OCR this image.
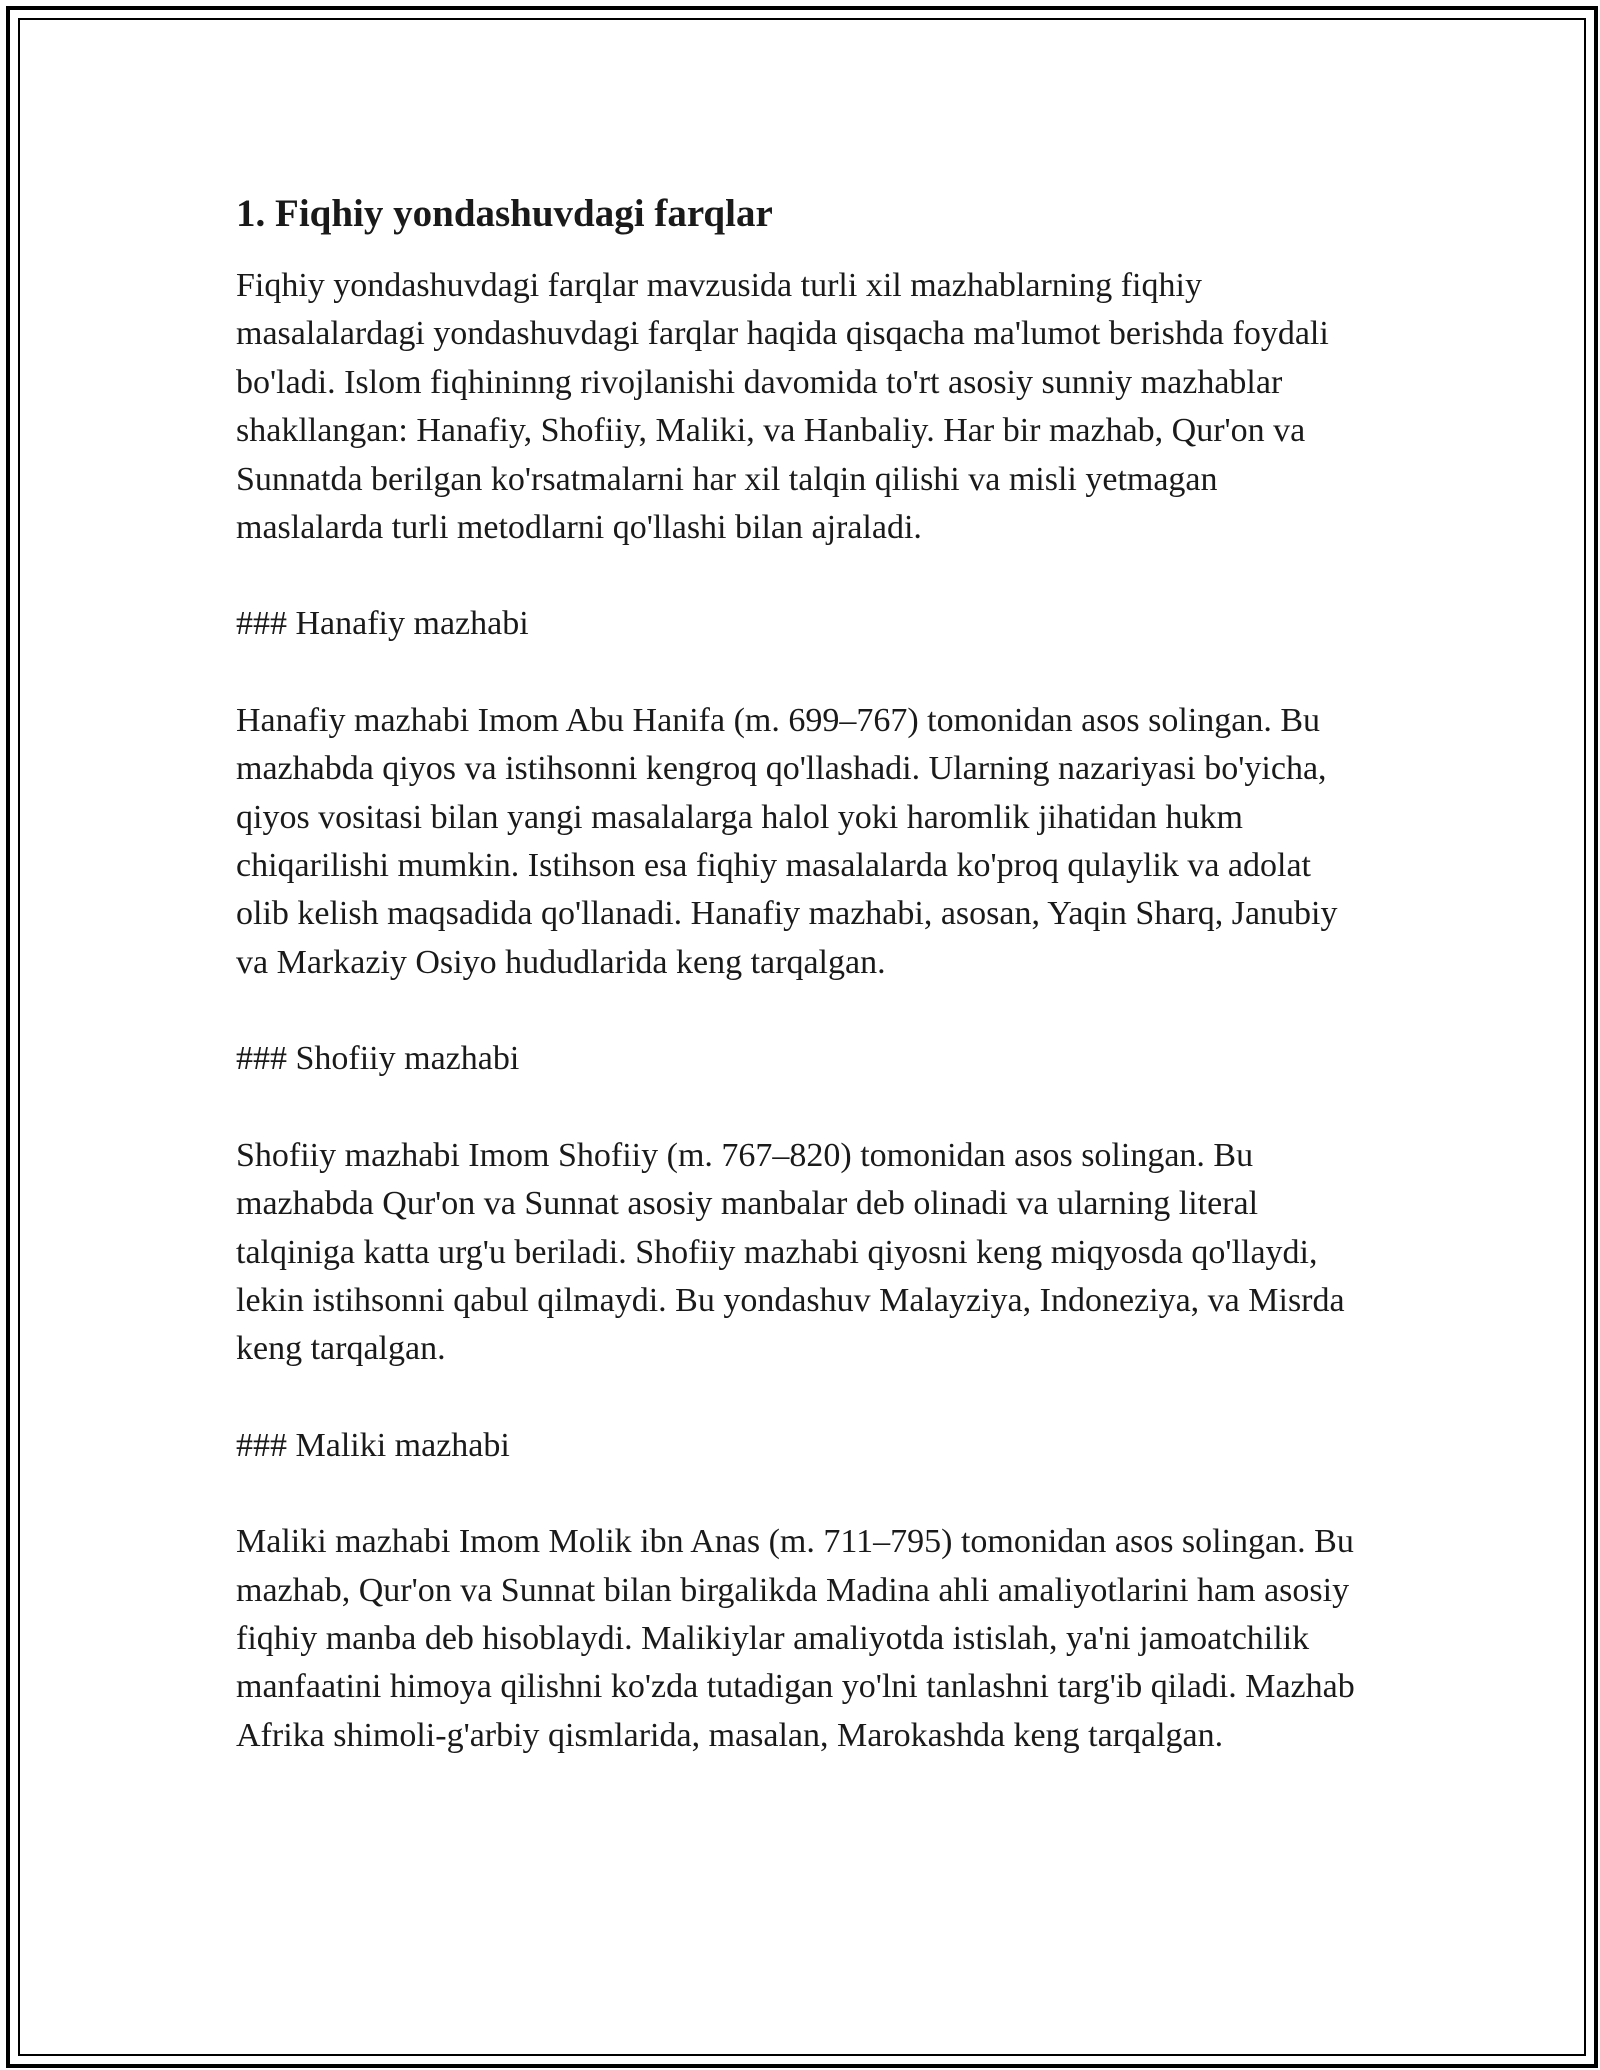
1. Fiqhiy yondashuvdagi farqlar

Fiqhiy yondashuvdagi farqlar mavzusida turli xil mazhablarning fiqhiy masalalardagi yondashuvdagi farqlar haqida qisqacha ma'lumot berishda foydali bo'ladi. Islom fiqhininng rivojlanishi davomida to'rt asosiy sunniy mazhablar shakllangan: Hanafiy, Shofiiy, Maliki, va Hanbaliy. Har bir mazhab, Qur'on va Sunnatda berilgan ko'rsatmalarni har xil talqin qilishi va misli yetmagan maslalarda turli metodlarni qo'llashi bilan ajraladi.

### Hanafiy mazhabi

Hanafiy mazhabi Imom Abu Hanifa (m. 699–767) tomonidan asos solingan. Bu mazhabda qiyos va istihsonni kengroq qo'llashadi. Ularning nazariyasi bo'yicha, qiyos vositasi bilan yangi masalalarga halol yoki haromlik jihatidan hukm chiqarilishi mumkin. Istihson esa fiqhiy masalalarda ko'proq qulaylik va adolat olib kelish maqsadida qo'llanadi. Hanafiy mazhabi, asosan, Yaqin Sharq, Janubiy va Markaziy Osiyo hududlarida keng tarqalgan.

### Shofiiy mazhabi

Shofiiy mazhabi Imom Shofiiy (m. 767–820) tomonidan asos solingan. Bu mazhabda Qur'on va Sunnat asosiy manbalar deb olinadi va ularning literal talqiniga katta urg'u beriladi. Shofiiy mazhabi qiyosni keng miqyosda qo'llaydi, lekin istihsonni qabul qilmaydi. Bu yondashuv Malayziya, Indoneziya, va Misrda keng tarqalgan.

### Maliki mazhabi

Maliki mazhabi Imom Molik ibn Anas (m. 711–795) tomonidan asos solingan. Bu mazhab, Qur'on va Sunnat bilan birgalikda Madina ahli amaliyotlarini ham asosiy fiqhiy manba deb hisoblaydi. Malikiylar amaliyotda istislah, ya'ni jamoatchilik manfaatini himoya qilishni ko'zda tutadigan yo'lni tanlashni targ'ib qiladi. Mazhab Afrika shimoli-g'arbiy qismlarida, masalan, Marokashda keng tarqalgan.
